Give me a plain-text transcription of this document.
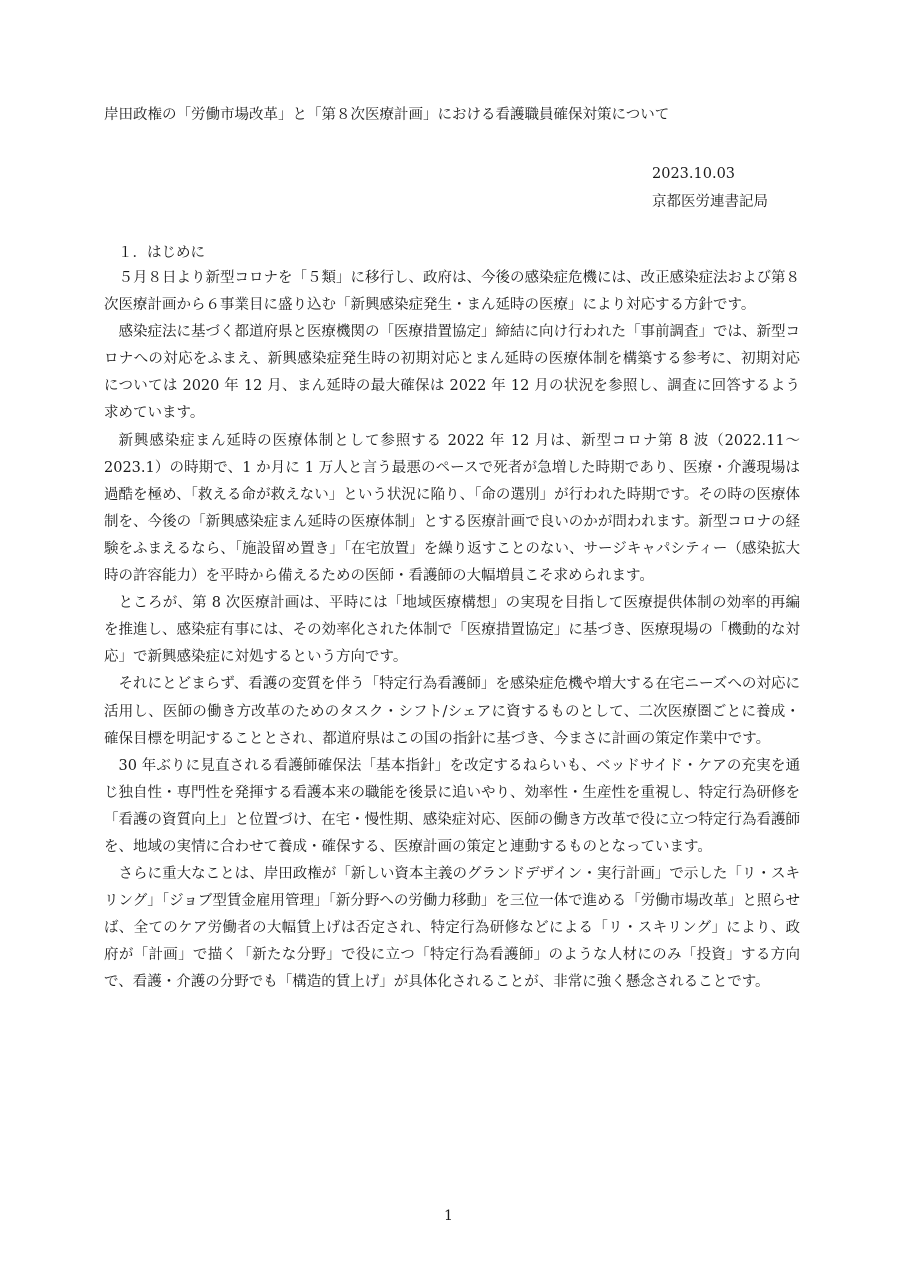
岸田政権の「労働市場改革」と「第８次医療計画」における看護職員確保対策について
2023.10.03
京都医労連書記局
１．はじめに

５月８日より新型コロナを「５類」に移行し、政府は、今後の感染症危機には、改正感染症法および第８次医療計画から６事業目に盛り込む「新興感染症発生・まん延時の医療」により対応する方針です。

感染症法に基づく都道府県と医療機関の「医療措置協定」締結に向け行われた「事前調査」では、新型コロナへの対応をふまえ、新興感染症発生時の初期対応とまん延時の医療体制を構築する参考に、初期対応については 2020 年 12 月、まん延時の最大確保は 2022 年 12 月の状況を参照し、調査に回答するよう求めています。

新興感染症まん延時の医療体制として参照する 2022 年 12 月は、新型コロナ第 8 波（2022.11～2023.1）の時期で、1 か月に 1 万人と言う最悪のペースで死者が急増した時期であり、医療・介護現場は過酷を極め、「救える命が救えない」という状況に陥り、「命の選別」が行われた時期です。その時の医療体制を、今後の「新興感染症まん延時の医療体制」とする医療計画で良いのかが問われます。新型コロナの経験をふまえるなら、「施設留め置き」「在宅放置」を繰り返すことのない、サージキャパシティー（感染拡大時の許容能力）を平時から備えるための医師・看護師の大幅増員こそ求められます。

ところが、第 8 次医療計画は、平時には「地域医療構想」の実現を目指して医療提供体制の効率的再編を推進し、感染症有事には、その効率化された体制で「医療措置協定」に基づき、医療現場の「機動的な対応」で新興感染症に対処するという方向です。

それにとどまらず、看護の変質を伴う「特定行為看護師」を感染症危機や増大する在宅ニーズへの対応に活用し、医師の働き方改革のためのタスク・シフト/シェアに資するものとして、二次医療圏ごとに養成・確保目標を明記することとされ、都道府県はこの国の指針に基づき、今まさに計画の策定作業中です。

30 年ぶりに見直される看護師確保法「基本指針」を改定するねらいも、ベッドサイド・ケアの充実を通じ独自性・専門性を発揮する看護本来の職能を後景に追いやり、効率性・生産性を重視し、特定行為研修を「看護の資質向上」と位置づけ、在宅・慢性期、感染症対応、医師の働き方改革で役に立つ特定行為看護師を、地域の実情に合わせて養成・確保する、医療計画の策定と連動するものとなっています。

さらに重大なことは、岸田政権が「新しい資本主義のグランドデザイン・実行計画」で示した「リ・スキリング」「ジョブ型賃金雇用管理」「新分野への労働力移動」を三位一体で進める「労働市場改革」と照らせば、全てのケア労働者の大幅賃上げは否定され、特定行為研修などによる「リ・スキリング」により、政府が「計画」で描く「新たな分野」で役に立つ「特定行為看護師」のような人材にのみ「投資」する方向で、看護・介護の分野でも「構造的賃上げ」が具体化されることが、非常に強く懸念されることです。

1
